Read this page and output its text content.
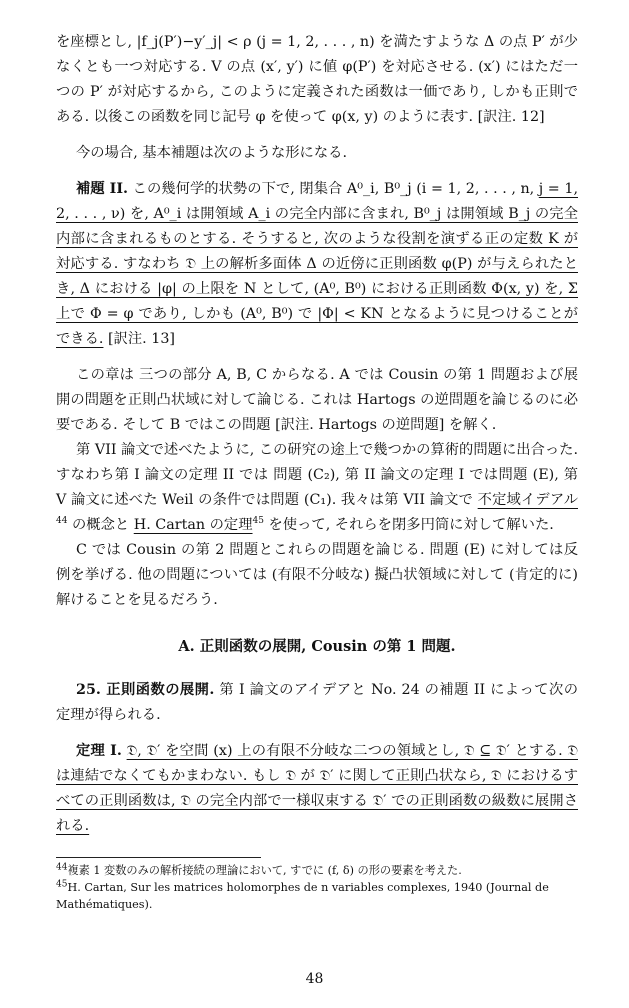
を座標とし, |f_j(P′)−y′_j| < ρ (j = 1, 2, . . . , n) を満たすような Δ の点 P′ が少なくとも一つ対応する. V の点 (x′, y′) に値 φ(P′) を対応させる. (x′) にはただ一つの P′ が対応するから, このように定義された函数は一価であり, しかも正則である. 以後この函数を同じ記号 φ を使って φ(x, y) のように表す. [訳注. 12]

今の場合, 基本補題は次のような形になる.

補題 II. この幾何学的状勢の下で, 閉集合 A⁰_i, B⁰_j (i = 1, 2, . . . , n, j = 1, 2, . . . , ν) を, A⁰_i は開領域 A_i の完全内部に含まれ, B⁰_j は開領域 B_j の完全内部に含まれるものとする. そうすると, 次のような役割を演ずる正の定数 K が対応する. すなわち 𝔇 上の解析多面体 Δ の近傍に正則函数 φ(P) が与えられたとき, Δ における |φ| の上限を N として, (A⁰, B⁰) における正則函数 Φ(x, y) を, Σ 上で Φ = φ であり, しかも (A⁰, B⁰) で |Φ| < KN となるように見つけることができる. [訳注. 13]

この章は 三つの部分 A, B, C からなる. A では Cousin の第 1 問題および展開の問題を正則凸状域に対して論じる. これは Hartogs の逆問題を論じるのに必要である. そして B ではこの問題 [訳注. Hartogs の逆問題] を解く.

第 VII 論文で述べたように, この研究の途上で幾つかの算術的問題に出合った. すなわち第 I 論文の定理 II では 問題 (C₂), 第 II 論文の定理 I では問題 (E), 第 V 論文に述べた Weil の条件では問題 (C₁). 我々は第 VII 論文で 不定域イデアル$^{44}$ の概念と H. Cartan の定理$^{45}$ を使って, それらを閉多円筒に対して解いた.

C では Cousin の第 2 問題とこれらの問題を論じる. 問題 (E) に対しては反例を挙げる. 他の問題については (有限不分岐な) 擬凸状領域に対して (肯定的に) 解けることを見るだろう.

A. 正則函数の展開, Cousin の第 1 問題.

25. 正則函数の展開. 第 I 論文のアイデアと No. 24 の補題 II によって次の定理が得られる.

定理 I. 𝔇, 𝔇′ を空間 (x) 上の有限不分岐な二つの領域とし, 𝔇 ⊆ 𝔇′ とする. 𝔇 は連結でなくてもかまわない. もし 𝔇 が 𝔇′ に関して正則凸状なら, 𝔇 におけるすべての正則函数は, 𝔇 の完全内部で一様収束する 𝔇′ での正則函数の級数に展開される.

$^{44}$複素 1 変数のみの解析接続の理論において, すでに (f, δ) の形の要素を考えた.

$^{45}$H. Cartan, Sur les matrices holomorphes de n variables complexes, 1940 (Journal de Mathématiques).

48
